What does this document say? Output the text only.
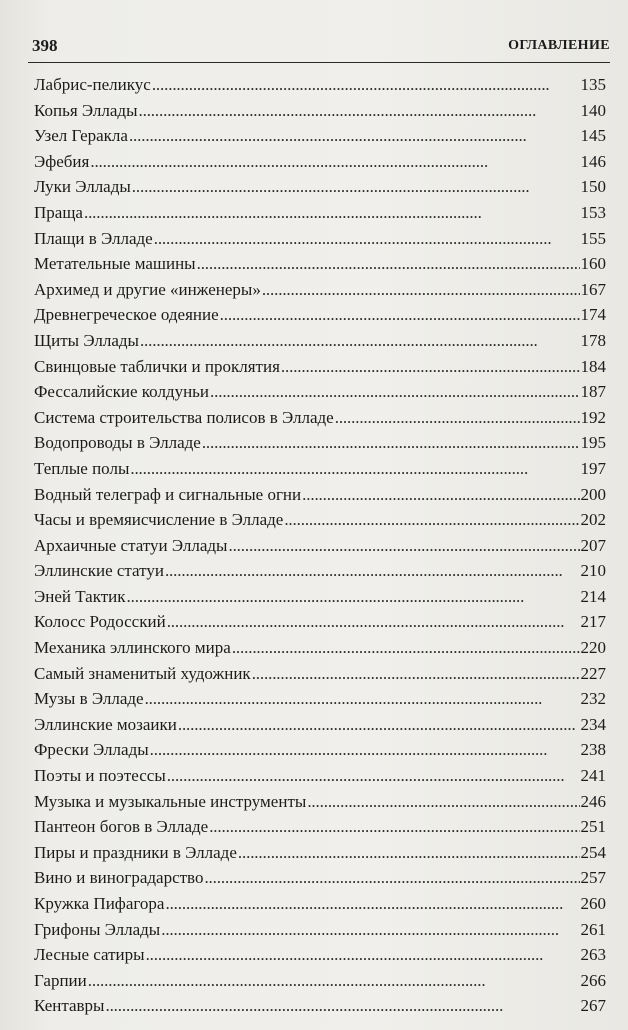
398	ОГЛАВЛЕНИЕ
Лабрис-пеликус . . .	135
Копья Эллады . . .	140
Узел Геракла . . .	145
Эфебия . . .	146
Луки Эллады . . .	150
Праща . . .	153
Плащи в Элладе . . .	155
Метательные машины . . .	160
Архимед и другие «инженеры» . . .	167
Древнегреческое одеяние . . .	174
Щиты Эллады . . .	178
Свинцовые таблички и проклятия . . .	184
Фессалийские колдуньи . . .	187
Система строительства полисов в Элладе . . .	192
Водопроводы в Элладе . . .	195
Теплые полы . . .	197
Водный телеграф и сигнальные огни . . .	200
Часы и времяисчисление в Элладе . . .	202
Архаичные статуи Эллады . . .	207
Эллинские статуи . . .	210
Эней Тактик . . .	214
Колосс Родосский . . .	217
Механика эллинского мира . . .	220
Самый знаменитый художник . . .	227
Музы в Элладе . . .	232
Эллинские мозаики . . .	234
Фрески Эллады . . .	238
Поэты и поэтессы . . .	241
Музыка и музыкальные инструменты . . .	246
Пантеон богов в Элладе . . .	251
Пиры и праздники в Элладе . . .	254
Вино и виноградарство . . .	257
Кружка Пифагора . . .	260
Грифоны Эллады . . .	261
Лесные сатиры . . .	263
Гарпии . . .	266
Кентавры . . .	267
